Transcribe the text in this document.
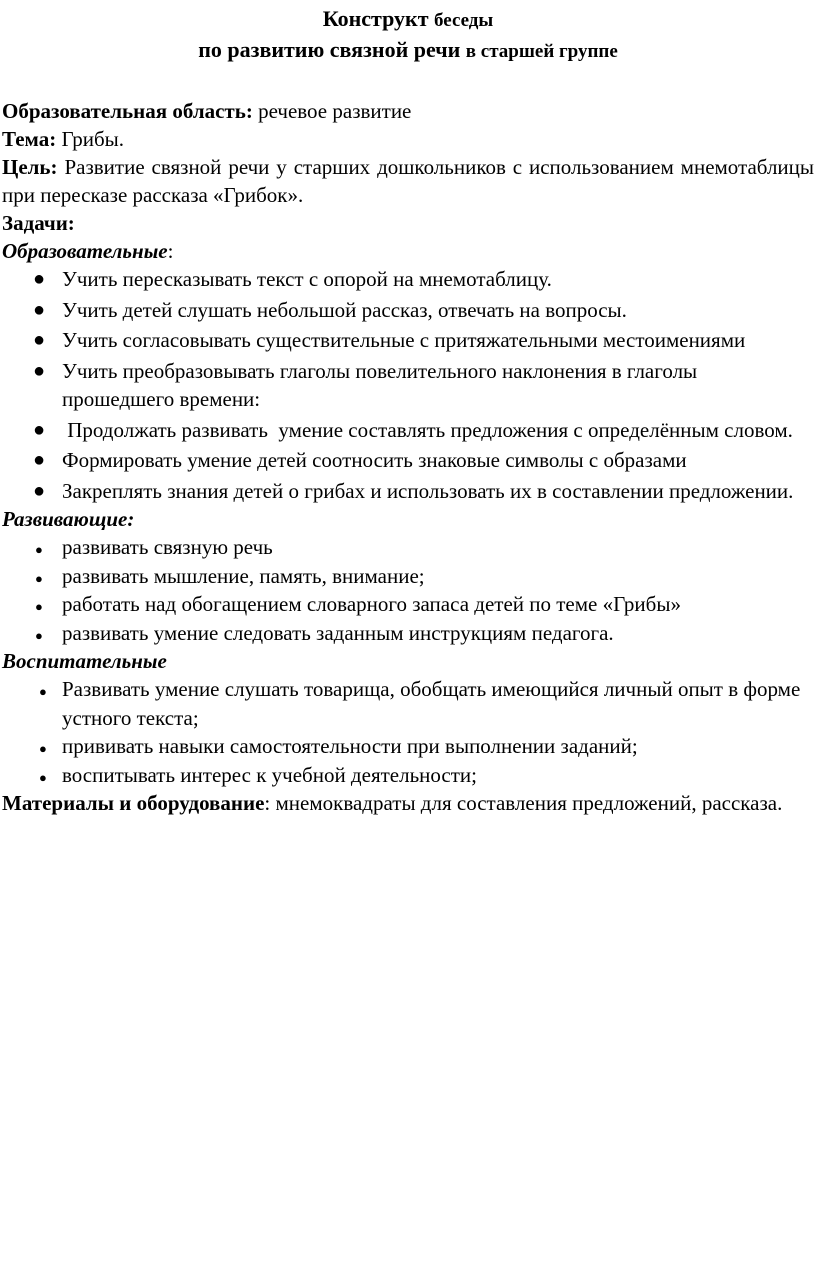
Конструкт беседы
по развитию связной речи в старшей группе

Образовательная область: речевое развитие

Тема: Грибы.

Цель: Развитие связной речи у старших дошкольников с использованием мнемотаблицы при пересказе рассказа «Грибок».

Задачи:

Образовательные:

● Учить пересказывать текст с опорой на мнемотаблицу.
● Учить детей слушать небольшой рассказ, отвечать на вопросы.
● Учить согласовывать существительные с притяжательными местоимениями
● Учить преобразовывать глаголы повелительного наклонения в глаголы прошедшего времени:
● Продолжать развивать  умение составлять предложения с определённым словом.
● Формировать умение детей соотносить знаковые символы с образами
● Закреплять знания детей о грибах и использовать их в составлении предложении.

Развивающие:

● развивать связную речь
● развивать мышление, память, внимание;
● работать над обогащением словарного запаса детей по теме «Грибы»
● развивать умение следовать заданным инструкциям педагога.

Воспитательные

● Развивать умение слушать товарища, обобщать имеющийся личный опыт в форме устного текста;
● прививать навыки самостоятельности при выполнении заданий;
● воспитывать интерес к учебной деятельности;

Материалы и оборудование: мнемоквадраты для составления предложений, рассказа.
